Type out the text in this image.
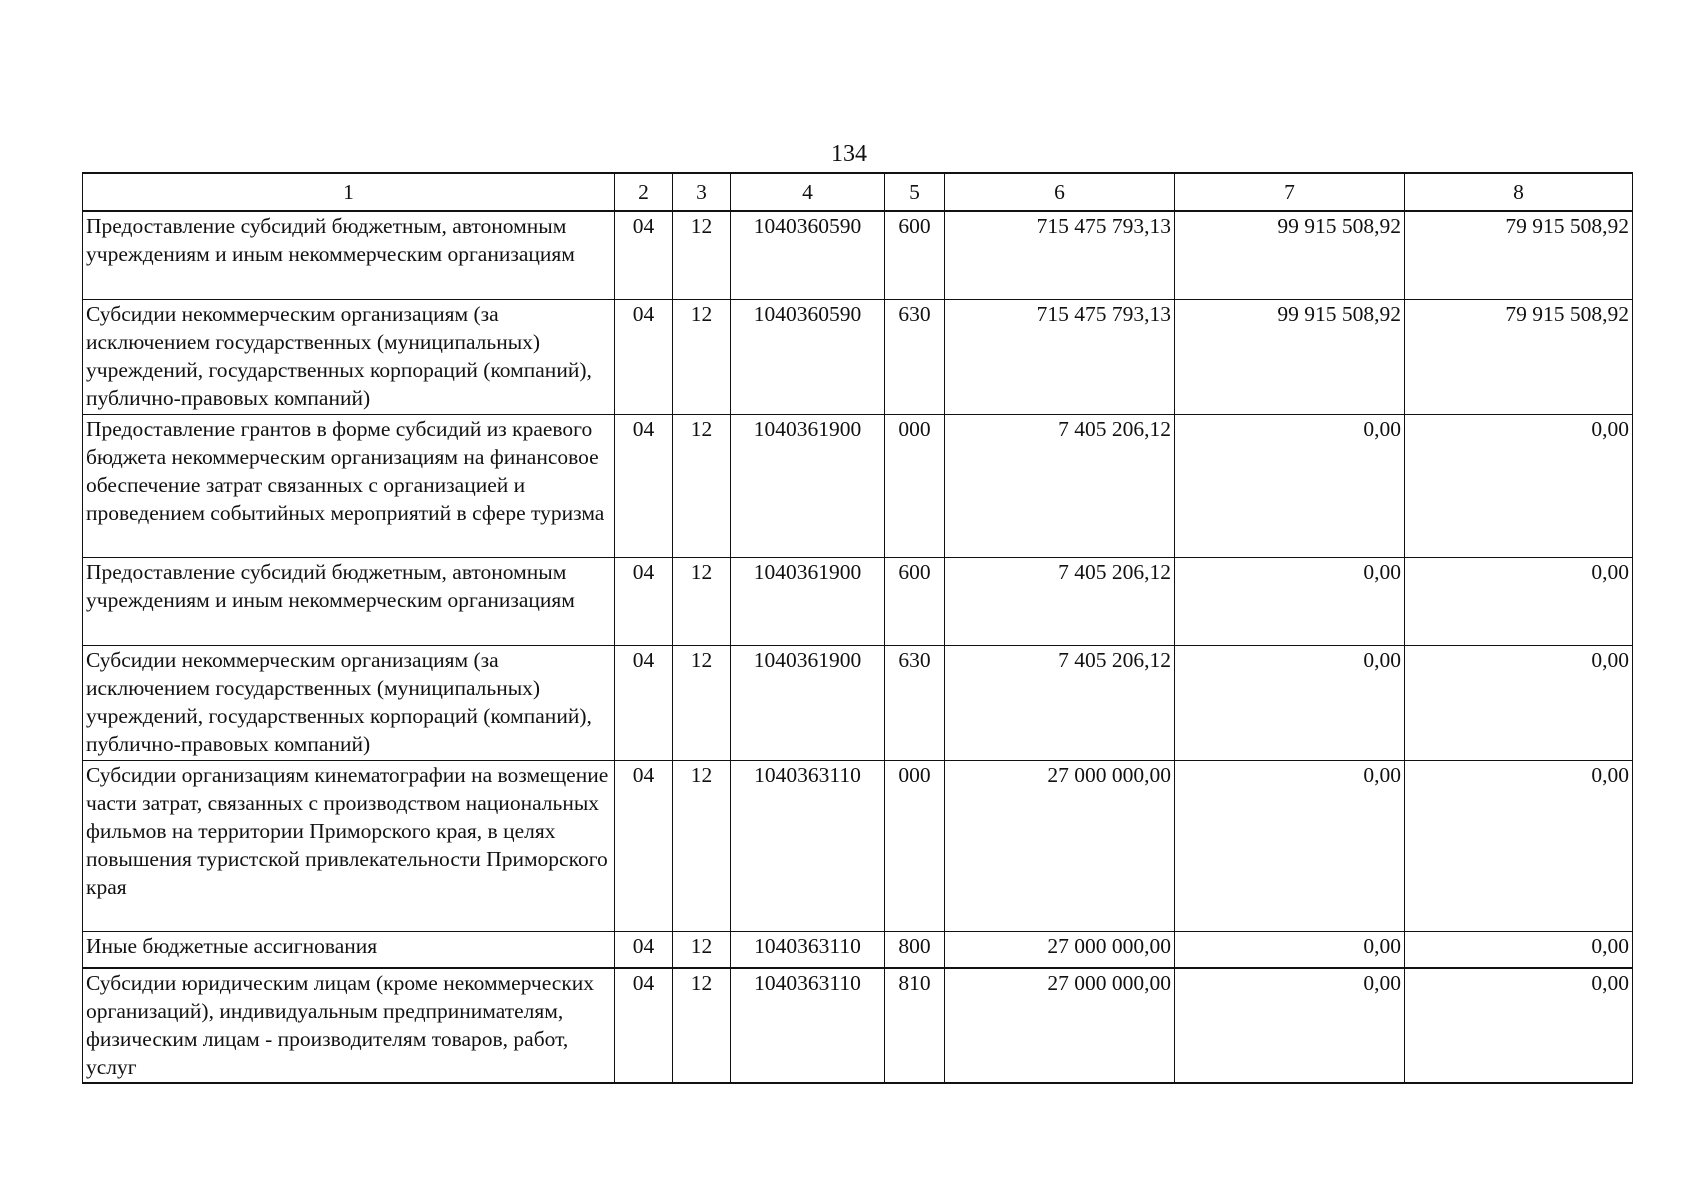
134
1	2	3	4	5	6	7	8
Предоставление субсидий бюджетным, автономным учреждениям и иным некоммерческим организациям	04	12	1040360590	600	715 475 793,13	99 915 508,92	79 915 508,92
Субсидии некоммерческим организациям (за исключением государственных (муниципальных) учреждений, государственных корпораций (компаний), публично-правовых компаний)	04	12	1040360590	630	715 475 793,13	99 915 508,92	79 915 508,92
Предоставление грантов в форме субсидий из краевого бюджета некоммерческим организациям на финансовое обеспечение затрат связанных с организацией и проведением событийных мероприятий в сфере туризма	04	12	1040361900	000	7 405 206,12	0,00	0,00
Предоставление субсидий бюджетным, автономным учреждениям и иным некоммерческим организациям	04	12	1040361900	600	7 405 206,12	0,00	0,00
Субсидии некоммерческим организациям (за исключением государственных (муниципальных) учреждений, государственных корпораций (компаний), публично-правовых компаний)	04	12	1040361900	630	7 405 206,12	0,00	0,00
Субсидии организациям кинематографии на возмещение части затрат, связанных с производством национальных фильмов на территории Приморского края, в целях повышения туристской привлекательности Приморского края	04	12	1040363110	000	27 000 000,00	0,00	0,00
Иные бюджетные ассигнования	04	12	1040363110	800	27 000 000,00	0,00	0,00
Субсидии юридическим лицам (кроме некоммерческих организаций), индивидуальным предпринимателям, физическим лицам - производителям товаров, работ, услуг	04	12	1040363110	810	27 000 000,00	0,00	0,00
